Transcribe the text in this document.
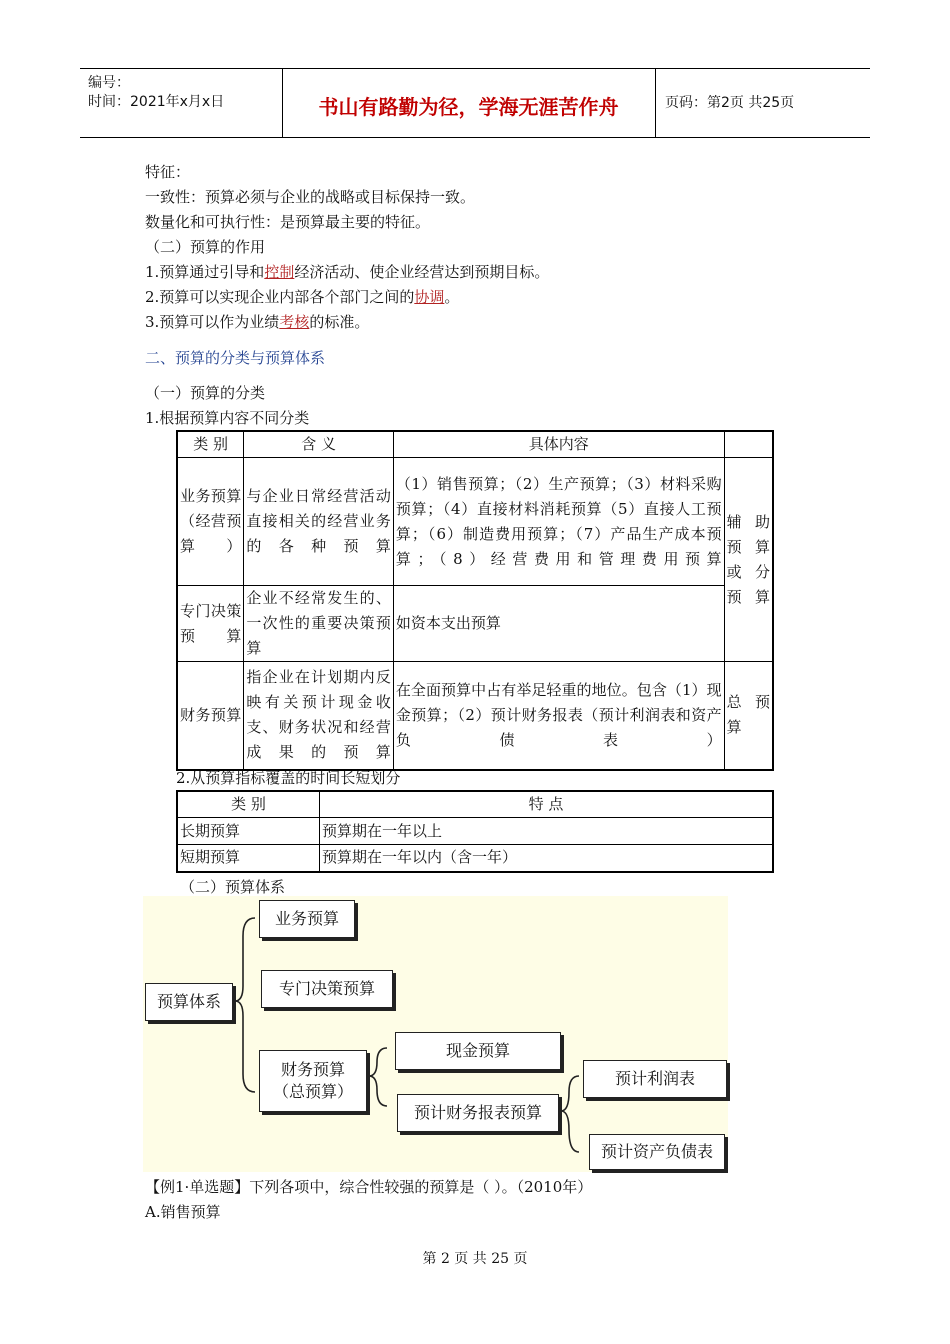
编号：
时间：2021年x月x日	书山有路勤为径，学海无涯苦作舟	页码：第2页 共25页
特征：
一致性：预算必须与企业的战略或目标保持一致。
数量化和可执行性：是预算最主要的特征。
（二）预算的作用
1.预算通过引导和控制经济活动、使企业经营达到预期目标。
2.预算可以实现企业内部各个部门之间的协调。
3.预算可以作为业绩考核的标准。
二、预算的分类与预算体系
（一）预算的分类
1.根据预算内容不同分类
类 别	含 义	具体内容	
业务预算（经营预算）	与企业日常经营活动直接相关的经营业务的各种预算	（1）销售预算；（2）生产预算；（3）材料采购预算；（4）直接材料消耗预算（5）直接人工预算；（6）制造费用预算；（7）产品生产成本预算；（8）经营费用和管理费用预算	辅助预算或分预算
专门决策预算	企业不经常发生的、一次性的重要决策预算	如资本支出预算	
财务预算	指企业在计划期内反映有关预计现金收支、财务状况和经营成果的预算	在全面预算中占有举足轻重的地位。包含（1）现金预算；（2）预计财务报表（预计利润表和资产负债表）	总预算
2.从预算指标覆盖的时间长短划分
类 别	特 点
长期预算	预算期在一年以上
短期预算	预算期在一年以内（含一年）
（二）预算体系
预算体系
业务预算
专门决策预算
财务预算
（总预算）
现金预算
预计财务报表预算
预计利润表
预计资产负债表
【例1·单选题】下列各项中，综合性较强的预算是（ ）。（2010年）
A.销售预算
第 2 页 共 25 页
